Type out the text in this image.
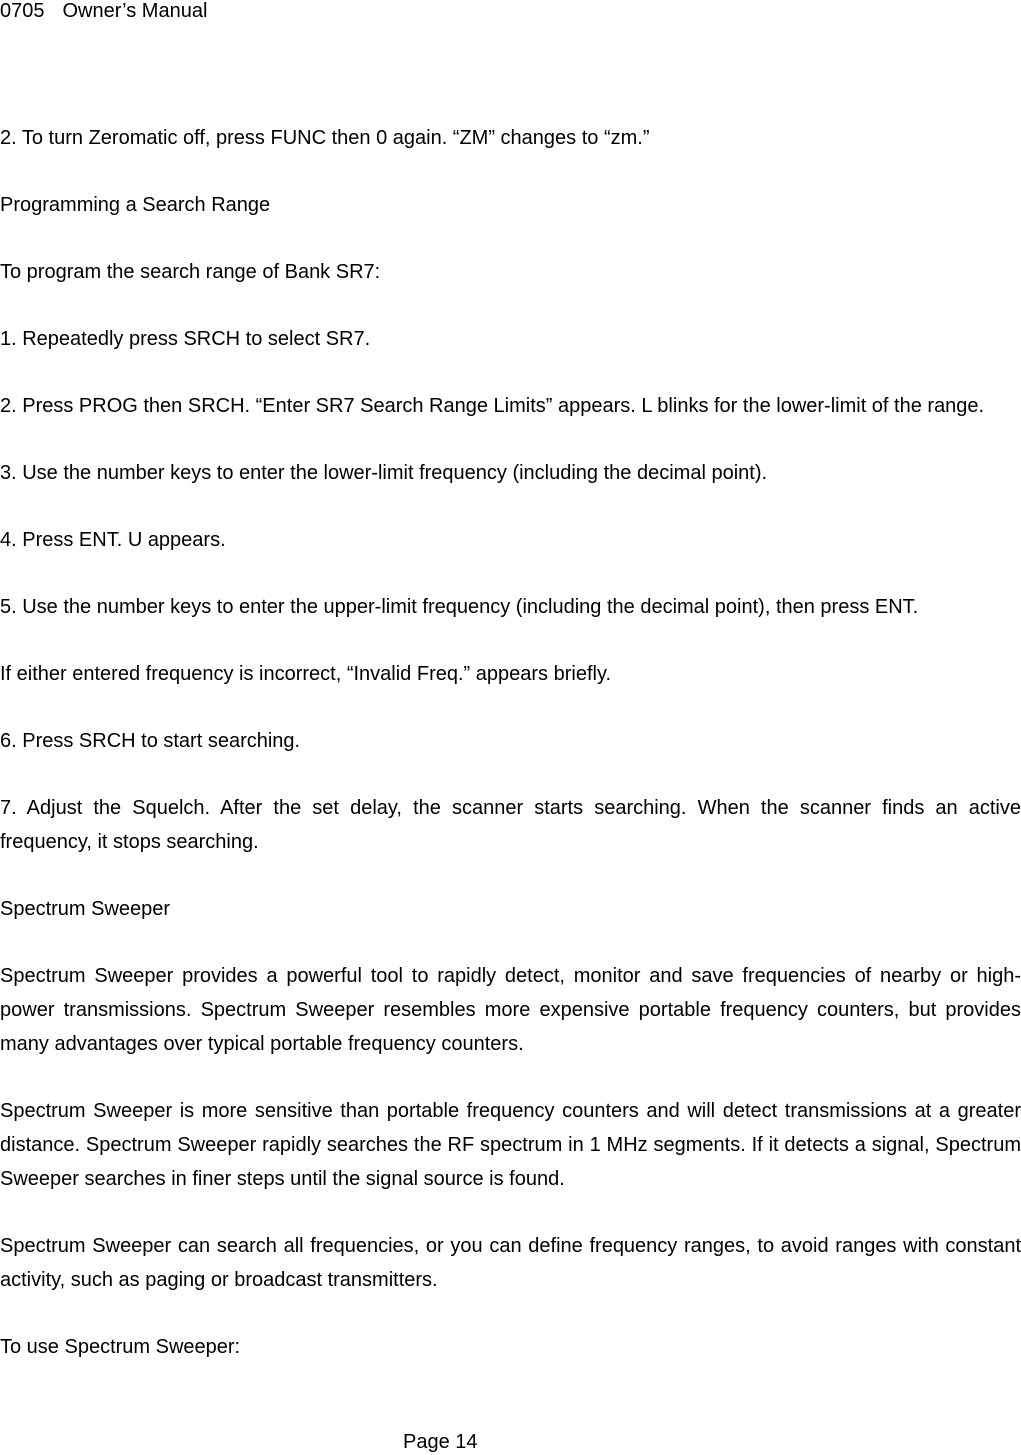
0705 Owner’s Manual

2. To turn Zeromatic off, press FUNC then 0 again. “ZM” changes to “zm.”

Programming a Search Range

To program the search range of Bank SR7:

1. Repeatedly press SRCH to select SR7.

2. Press PROG then SRCH. “Enter SR7 Search Range Limits” appears. L blinks for the lower-limit of the range.

3. Use the number keys to enter the lower-limit frequency (including the decimal point).

4. Press ENT. U appears.

5. Use the number keys to enter the upper-limit frequency (including the decimal point), then press ENT.

If either entered frequency is incorrect, “Invalid Freq.” appears briefly.

6. Press SRCH to start searching.

7. Adjust the Squelch. After the set delay, the scanner starts searching. When the scanner finds an active frequency, it stops searching.

Spectrum Sweeper

Spectrum Sweeper provides a powerful tool to rapidly detect, monitor and save frequencies of nearby or high-power transmissions. Spectrum Sweeper resembles more expensive portable frequency counters, but provides many advantages over typical portable frequency counters.

Spectrum Sweeper is more sensitive than portable frequency counters and will detect transmissions at a greater distance. Spectrum Sweeper rapidly searches the RF spectrum in 1 MHz segments. If it detects a signal, Spectrum Sweeper searches in finer steps until the signal source is found.

Spectrum Sweeper can search all frequencies, or you can define frequency ranges, to avoid ranges with constant activity, such as paging or broadcast transmitters.

To use Spectrum Sweeper:

Page 14
